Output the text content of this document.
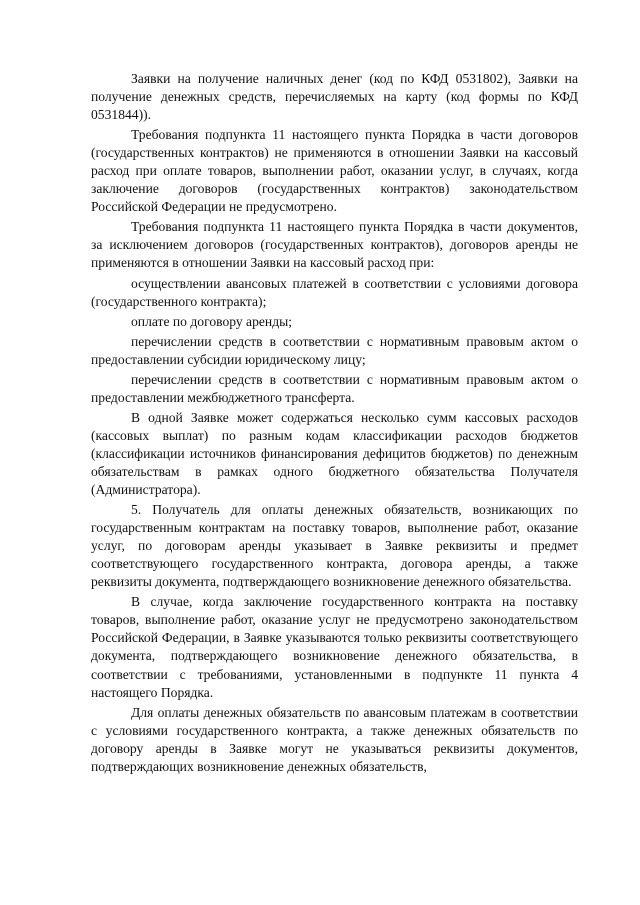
Заявки на получение наличных денег (код по КФД 0531802), Заявки на получение денежных средств, перечисляемых на карту (код формы по КФД 0531844)).

Требования подпункта 11 настоящего пункта Порядка в части договоров (государственных контрактов) не применяются в отношении Заявки на кассовый расход при оплате товаров, выполнении работ, оказании услуг, в случаях, когда заключение договоров (государственных контрактов) законодательством Российской Федерации не предусмотрено.

Требования подпункта 11 настоящего пункта Порядка в части документов, за исключением договоров (государственных контрактов), договоров аренды не применяются в отношении Заявки на кассовый расход при:

осуществлении авансовых платежей в соответствии с условиями договора (государственного контракта);

оплате по договору аренды;

перечислении средств в соответствии с нормативным правовым актом о предоставлении субсидии юридическому лицу;

перечислении средств в соответствии с нормативным правовым актом о предоставлении межбюджетного трансферта.

В одной Заявке может содержаться несколько сумм кассовых расходов (кассовых выплат) по разным кодам классификации расходов бюджетов (классификации источников финансирования дефицитов бюджетов) по денежным обязательствам в рамках одного бюджетного обязательства Получателя (Администратора).

5. Получатель для оплаты денежных обязательств, возникающих по государственным контрактам на поставку товаров, выполнение работ, оказание услуг, по договорам аренды указывает в Заявке реквизиты и предмет соответствующего государственного контракта, договора аренды, а также реквизиты документа, подтверждающего возникновение денежного обязательства.

В случае, когда заключение государственного контракта на поставку товаров, выполнение работ, оказание услуг не предусмотрено законодательством Российской Федерации, в Заявке указываются только реквизиты соответствующего документа, подтверждающего возникновение денежного обязательства, в соответствии с требованиями, установленными в подпункте 11 пункта 4 настоящего Порядка.

Для оплаты денежных обязательств по авансовым платежам в соответствии с условиями государственного контракта, а также денежных обязательств по договору аренды в Заявке могут не указываться реквизиты документов, подтверждающих возникновение денежных обязательств,
